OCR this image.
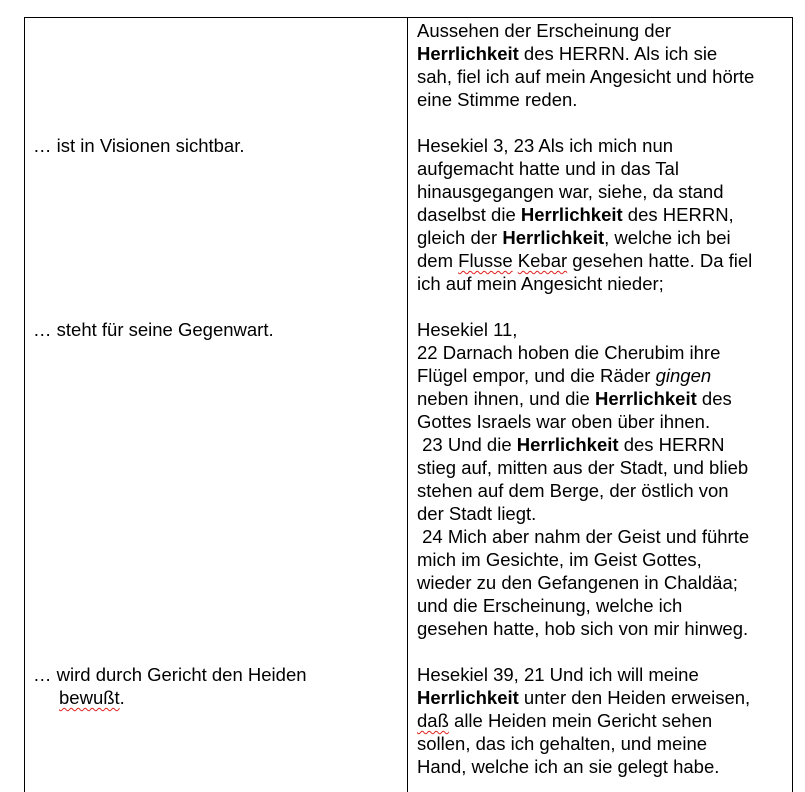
Aussehen der Erscheinung der
Herrlichkeit des HERRN. Als ich sie
sah, fiel ich auf mein Angesicht und hörte
eine Stimme reden.
… ist in Visionen sichtbar.	Hesekiel 3, 23 Als ich mich nun
aufgemacht hatte und in das Tal
hinausgegangen war, siehe, da stand
daselbst die Herrlichkeit des HERRN,
gleich der Herrlichkeit, welche ich bei
dem Flusse Kebar gesehen hatte. Da fiel
ich auf mein Angesicht nieder;
… steht für seine Gegenwart.	Hesekiel 11,
22 Darnach hoben die Cherubim ihre
Flügel empor, und die Räder gingen
neben ihnen, und die Herrlichkeit des
Gottes Israels war oben über ihnen.
23 Und die Herrlichkeit des HERRN
stieg auf, mitten aus der Stadt, und blieb
stehen auf dem Berge, der östlich von
der Stadt liegt.
24 Mich aber nahm der Geist und führte
mich im Gesichte, im Geist Gottes,
wieder zu den Gefangenen in Chaldäa;
und die Erscheinung, welche ich
gesehen hatte, hob sich von mir hinweg.
… wird durch Gericht den Heiden
bewußt.
Hesekiel 39, 21 Und ich will meine
Herrlichkeit unter den Heiden erweisen,
daß alle Heiden mein Gericht sehen
sollen, das ich gehalten, und meine
Hand, welche ich an sie gelegt habe.
